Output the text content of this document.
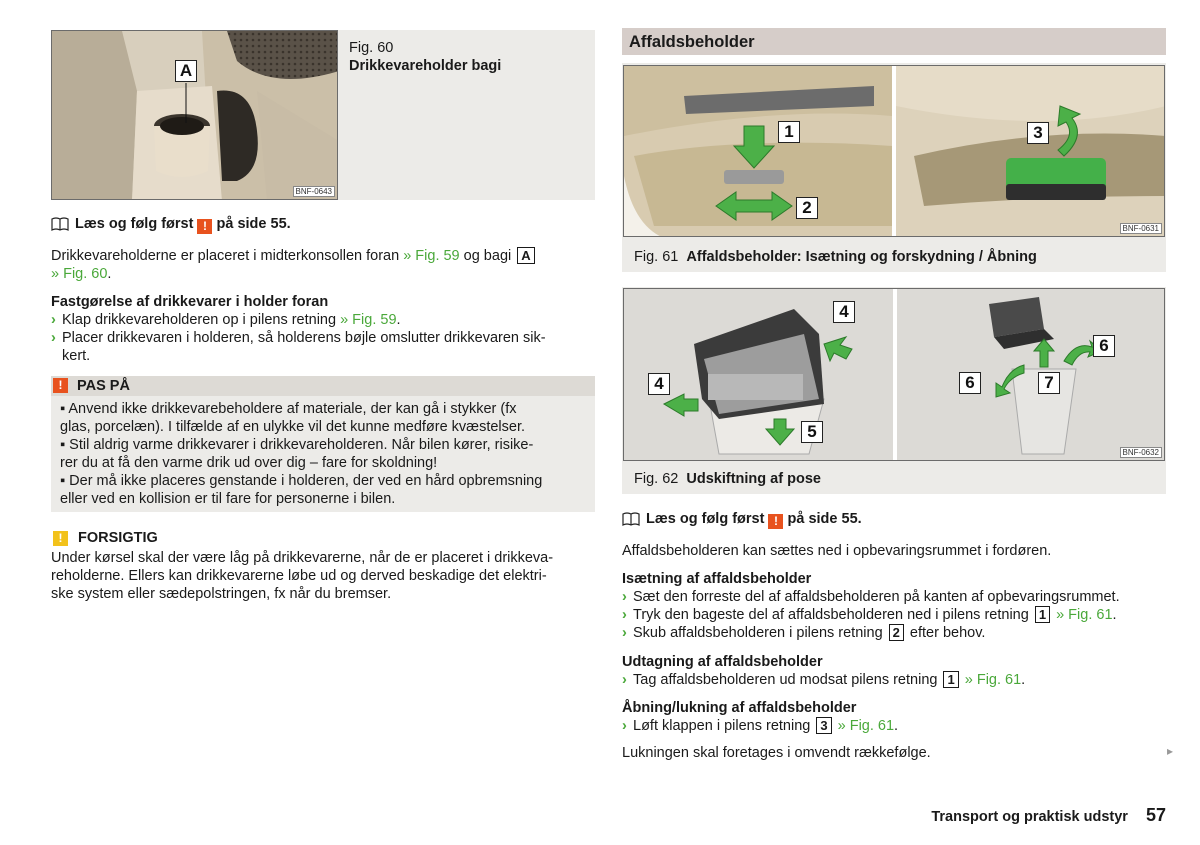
A
BNF-0643
Fig. 60
Drikkevareholder bagi
Læs og følg først ! på side 55.
Drikkevareholderne er placeret i midterkonsollen foran » Fig. 59 og bagi A
» Fig. 60.
Fastgørelse af drikkevarer i holder foran
› Klap drikkevareholderen op i pilens retning » Fig. 59.
› Placer drikkevaren i holderen, så holderens bøjle omslutter drikkevaren sik-
kert.
!	PAS PÅ
▪ Anvend ikke drikkevarebeholdere af materiale, der kan gå i stykker (fx
glas, porcelæn). I tilfælde af en ulykke vil det kunne medføre kvæstelser.
▪ Stil aldrig varme drikkevarer i drikkevareholderen. Når bilen kører, risike-
rer du at få den varme drik ud over dig – fare for skoldning!
▪ Der må ikke placeres genstande i holderen, der ved en hård opbremsning
eller ved en kollision er til fare for personerne i bilen.
! FORSIGTIG
Under kørsel skal der være låg på drikkevarerne, når de er placeret i drikkeva-
reholderne. Ellers kan drikkevarerne løbe ud og derved beskadige det elektri-
ske system eller sædepolstringen, fx når du bremser.
Affaldsbeholder
1
2
3
BNF-0631
Fig. 61 Affaldsbeholder: Isætning og forskydning / Åbning
4
4
5
6
6	7
BNF-0632
Fig. 62 Udskiftning af pose
Læs og følg først ! på side 55.
Affaldsbeholderen kan sættes ned i opbevaringsrummet i fordøren.
Isætning af affaldsbeholder
› Sæt den forreste del af affaldsbeholderen på kanten af opbevaringsrummet.
› Tryk den bageste del af affaldsbeholderen ned i pilens retning 1 » Fig. 61.
› Skub affaldsbeholderen i pilens retning 2 efter behov.
Udtagning af affaldsbeholder
› Tag affaldsbeholderen ud modsat pilens retning 1 » Fig. 61.
Åbning/lukning af affaldsbeholder
› Løft klappen i pilens retning 3 » Fig. 61.
Lukningen skal foretages i omvendt rækkefølge.	▸
Transport og praktisk udstyr 57
